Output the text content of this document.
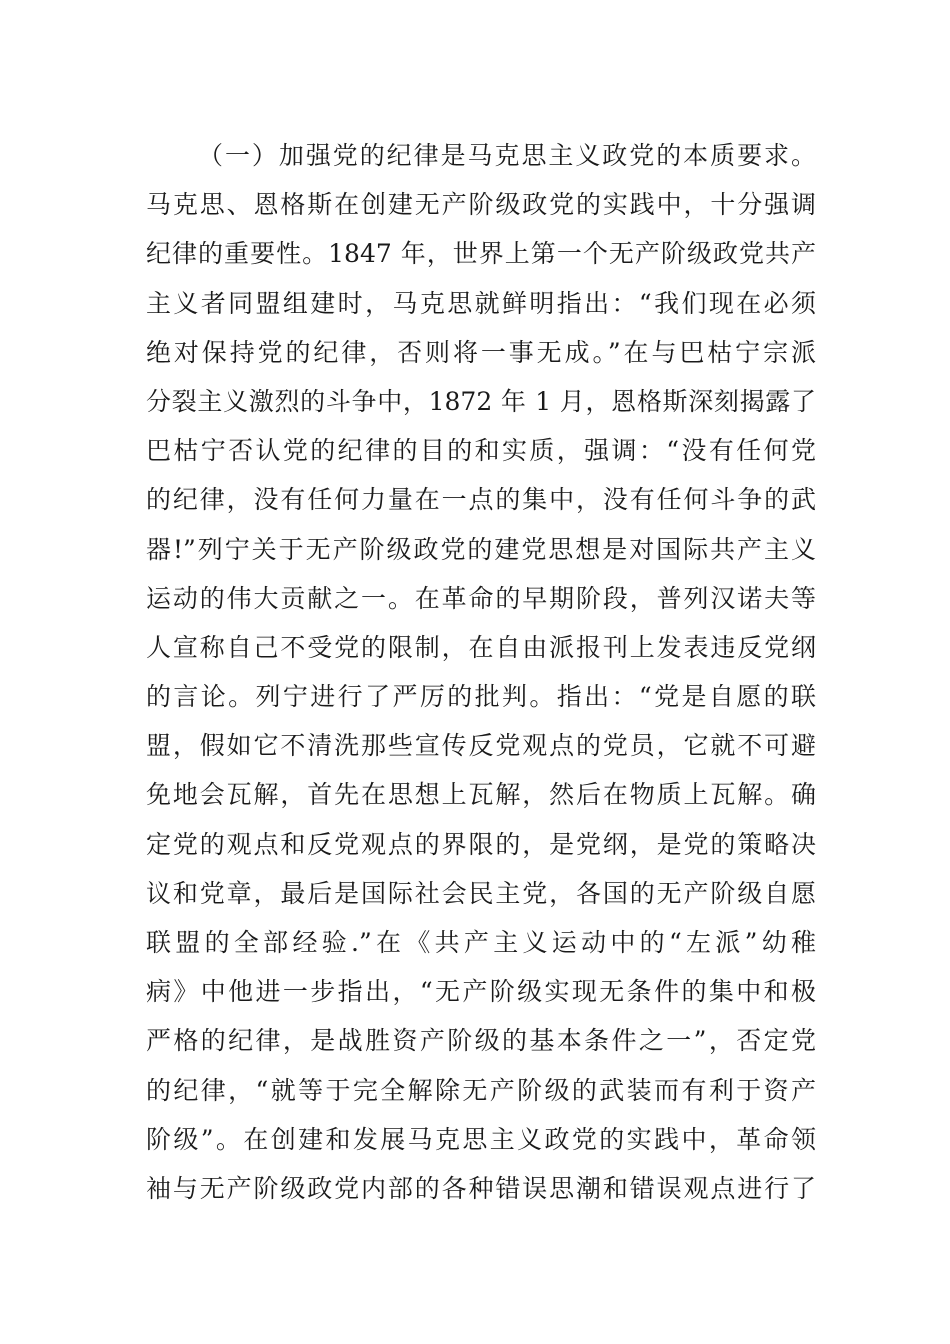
（一）加强党的纪律是马克思主义政党的本质要求。
马克思、恩格斯在创建无产阶级政党的实践中，十分强调
纪律的重要性。1847 年，世界上第一个无产阶级政党共产
主义者同盟组建时，马克思就鲜明指出：“我们现在必须
绝对保持党的纪律，否则将一事无成。”在与巴枯宁宗派
分裂主义激烈的斗争中，1872 年 1 月，恩格斯深刻揭露了
巴枯宁否认党的纪律的目的和实质，强调：“没有任何党
的纪律，没有任何力量在一点的集中，没有任何斗争的武
器!”列宁关于无产阶级政党的建党思想是对国际共产主义
运动的伟大贡献之一。在革命的早期阶段，普列汉诺夫等
人宣称自己不受党的限制，在自由派报刊上发表违反党纲
的言论。列宁进行了严厉的批判。指出：“党是自愿的联
盟，假如它不清洗那些宣传反党观点的党员，它就不可避
免地会瓦解，首先在思想上瓦解，然后在物质上瓦解。确
定党的观点和反党观点的界限的，是党纲，是党的策略决
议和党章，最后是国际社会民主党，各国的无产阶级自愿
联盟的全部经验.”在《共产主义运动中的“左派”幼稚
病》中他进一步指出，“无产阶级实现无条件的集中和极
严格的纪律，是战胜资产阶级的基本条件之一”，否定党
的纪律，“就等于完全解除无产阶级的武装而有利于资产
阶级”。在创建和发展马克思主义政党的实践中，革命领
袖与无产阶级政党内部的各种错误思潮和错误观点进行了
